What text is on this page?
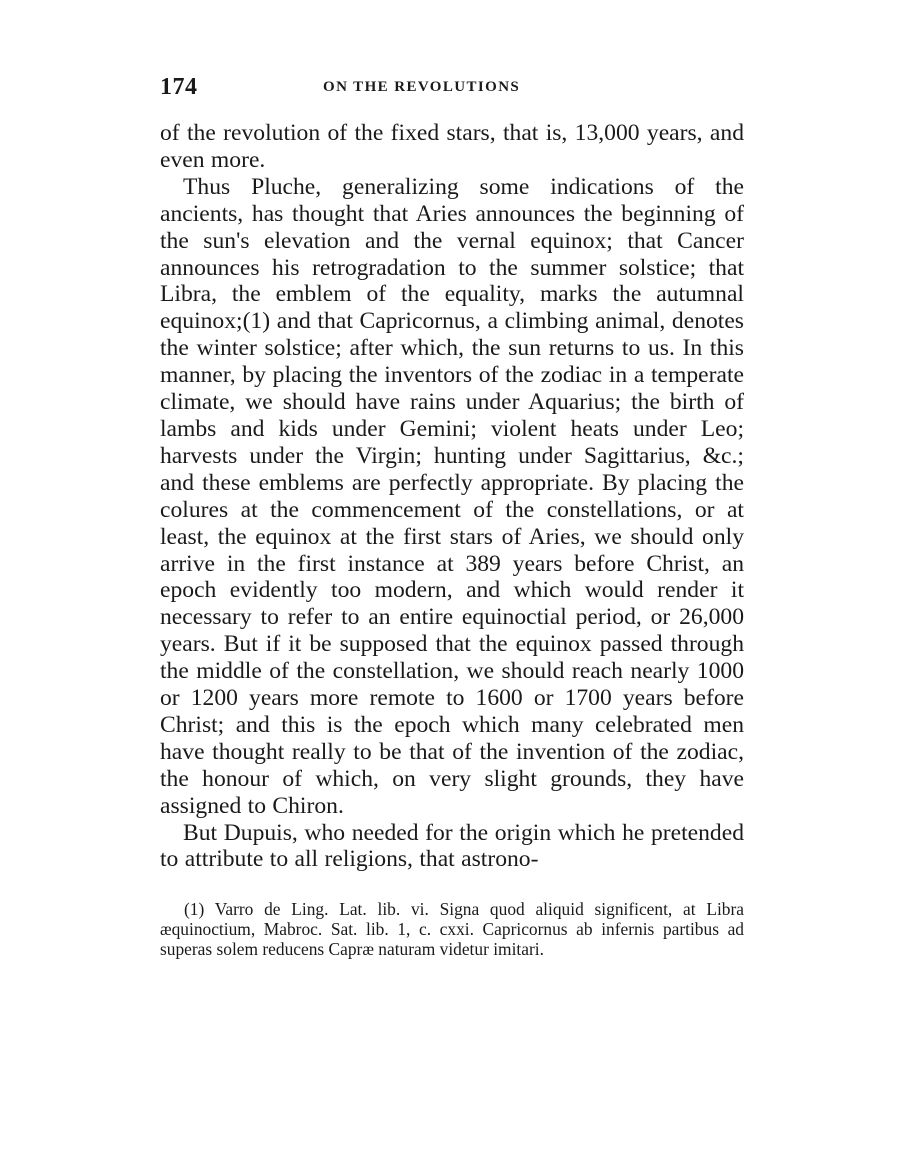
174	ON THE REVOLUTIONS

of the revolution of the fixed stars, that is, 13,000 years, and even more.

Thus Pluche, generalizing some indications of the ancients, has thought that Aries announces the beginning of the sun's elevation and the vernal equinox; that Cancer announces his retrogradation to the summer solstice; that Libra, the emblem of the equality, marks the autumnal equinox;(1) and that Capricornus, a climbing animal, denotes the winter solstice; after which, the sun returns to us. In this manner, by placing the inventors of the zodiac in a temperate climate, we should have rains under Aquarius; the birth of lambs and kids under Gemini; violent heats under Leo; harvests under the Virgin; hunting under Sagittarius, &c.; and these emblems are perfectly appropriate. By placing the colures at the commencement of the constellations, or at least, the equinox at the first stars of Aries, we should only arrive in the first instance at 389 years before Christ, an epoch evidently too modern, and which would render it necessary to refer to an entire equinoctial period, or 26,000 years. But if it be supposed that the equinox passed through the middle of the constellation, we should reach nearly 1000 or 1200 years more remote to 1600 or 1700 years before Christ; and this is the epoch which many celebrated men have thought really to be that of the invention of the zodiac, the honour of which, on very slight grounds, they have assigned to Chiron.

But Dupuis, who needed for the origin which he pretended to attribute to all religions, that astrono-

(1) Varro de Ling. Lat. lib. vi. Signa quod aliquid significent, at Libra æquinoctium, Mabroc. Sat. lib. 1, c. cxxi. Capricornus ab infernis partibus ad superas solem reducens Capræ naturam videtur imitari.
